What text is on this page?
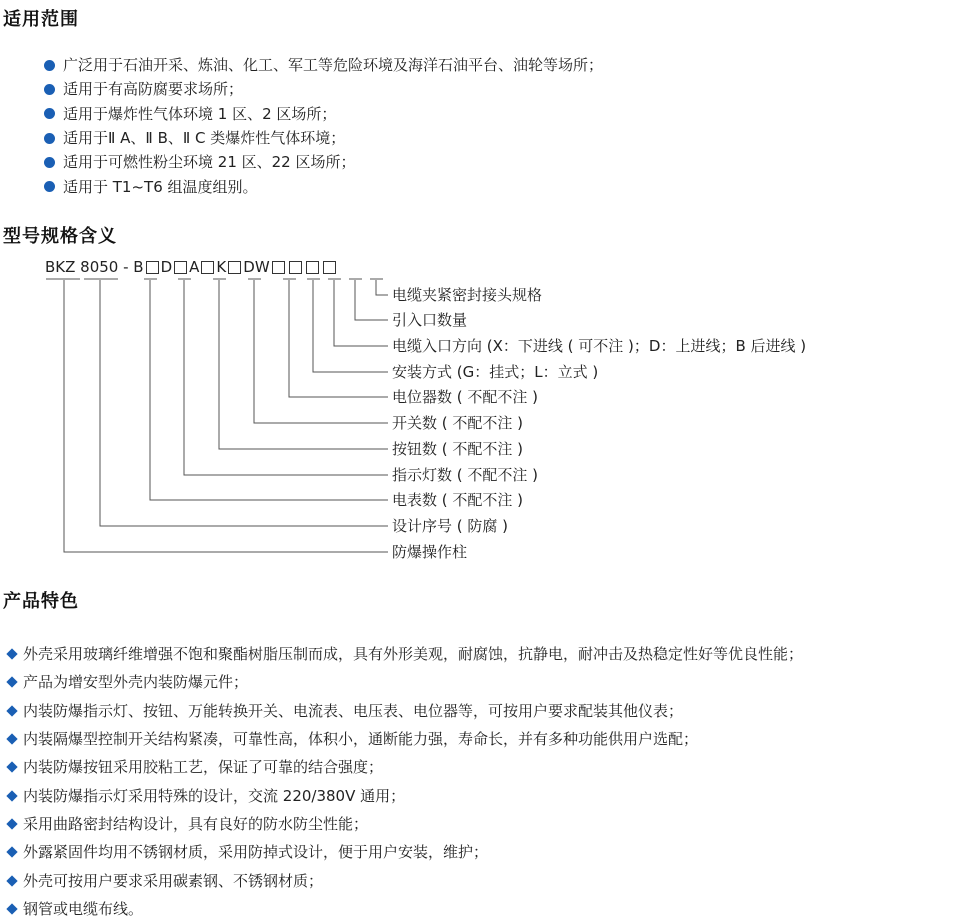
适用范围
广泛用于石油开采、炼油、化工、军工等危险环境及海洋石油平台、油轮等场所；
适用于有高防腐要求场所；
适用于爆炸性气体环境 1 区、2 区场所；
适用于Ⅱ A、Ⅱ B、Ⅱ C 类爆炸性气体环境；
适用于可燃性粉尘环境 21 区、22 区场所；
适用于 T1~T6 组温度组别。
型号规格含义
BKZ 8050 - B D A K DW
电缆夹紧密封接头规格
引入口数量
电缆入口方向 (X：下进线 ( 可不注 )；D：上进线；B 后进线 )
安装方式 (G：挂式；L：立式 )
电位器数 ( 不配不注 )
开关数 ( 不配不注 )
按钮数 ( 不配不注 )
指示灯数 ( 不配不注 )
电表数 ( 不配不注 )
设计序号 ( 防腐 )
防爆操作柱
产品特色
外壳采用玻璃纤维增强不饱和聚酯树脂压制而成，具有外形美观，耐腐蚀，抗静电，耐冲击及热稳定性好等优良性能；
产品为增安型外壳内装防爆元件；
内装防爆指示灯、按钮、万能转换开关、电流表、电压表、电位器等，可按用户要求配装其他仪表；
内装隔爆型控制开关结构紧凑，可靠性高，体积小，通断能力强，寿命长，并有多种功能供用户选配；
内装防爆按钮采用胶粘工艺，保证了可靠的结合强度；
内装防爆指示灯采用特殊的设计，交流 220/380V 通用；
采用曲路密封结构设计，具有良好的防水防尘性能；
外露紧固件均用不锈钢材质，采用防掉式设计，便于用户安装，维护；
外壳可按用户要求采用碳素钢、不锈钢材质；
钢管或电缆布线。
